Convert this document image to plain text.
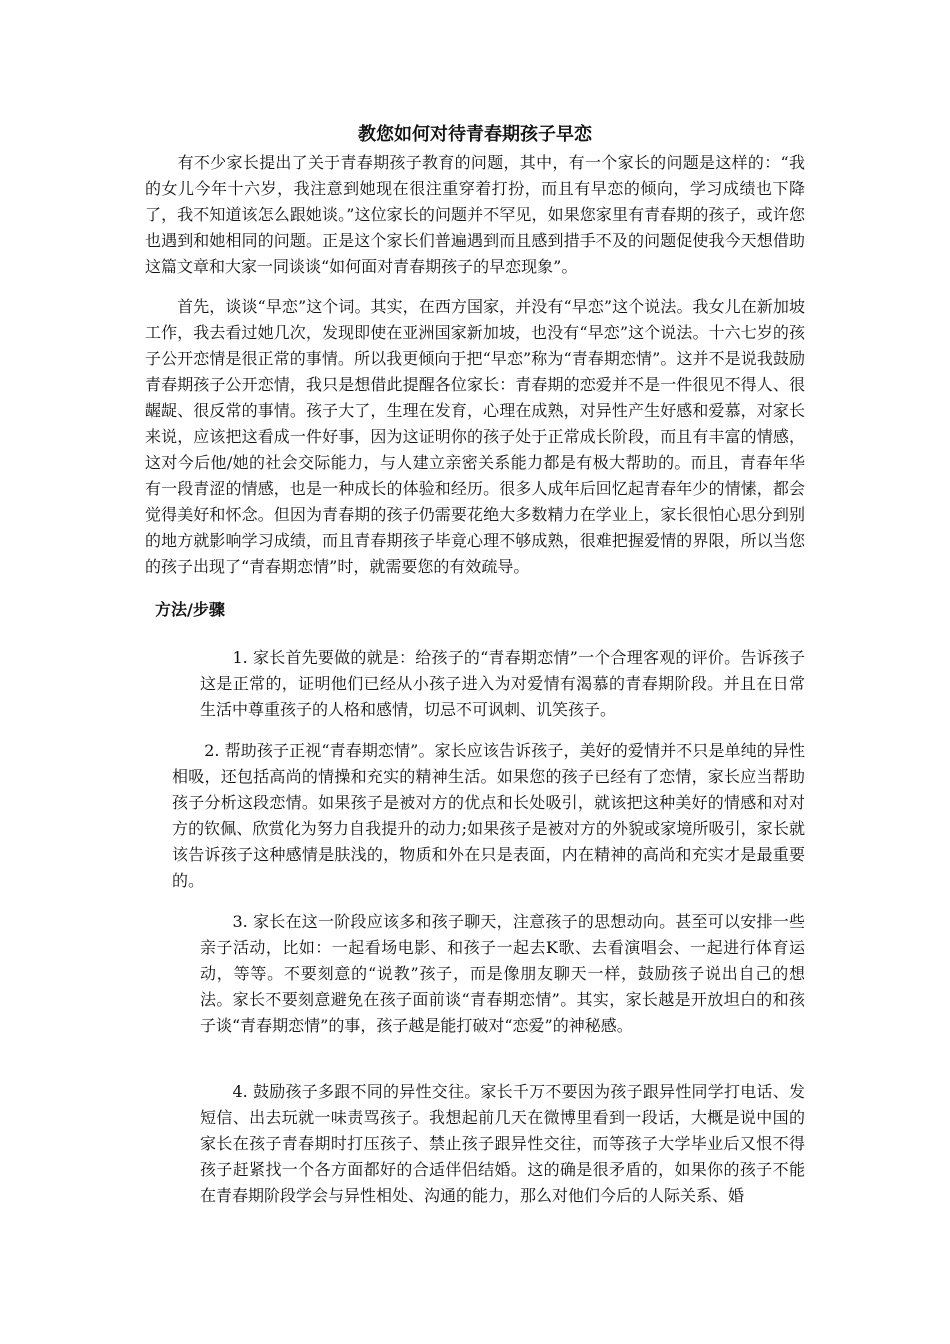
教您如何对待青春期孩子早恋

　　有不少家长提出了关于青春期孩子教育的问题，其中，有一个家长的问题是这样的：“我的女儿今年十六岁，我注意到她现在很注重穿着打扮，而且有早恋的倾向，学习成绩也下降了，我不知道该怎么跟她谈。”这位家长的问题并不罕见，如果您家里有青春期的孩子，或许您也遇到和她相同的问题。正是这个家长们普遍遇到而且感到措手不及的问题促使我今天想借助这篇文章和大家一同谈谈“如何面对青春期孩子的早恋现象”。

　　首先，谈谈“早恋”这个词。其实，在西方国家，并没有“早恋”这个说法。我女儿在新加坡工作，我去看过她几次，发现即使在亚洲国家新加坡，也没有“早恋”这个说法。十六七岁的孩子公开恋情是很正常的事情。所以我更倾向于把“早恋”称为“青春期恋情”。这并不是说我鼓励青春期孩子公开恋情，我只是想借此提醒各位家长：青春期的恋爱并不是一件很见不得人、很龌龊、很反常的事情。孩子大了，生理在发育，心理在成熟，对异性产生好感和爱慕，对家长来说，应该把这看成一件好事，因为这证明你的孩子处于正常成长阶段，而且有丰富的情感，这对今后他/她的社会交际能力，与人建立亲密关系能力都是有极大帮助的。而且，青春年华有一段青涩的情感，也是一种成长的体验和经历。很多人成年后回忆起青春年少的情愫，都会觉得美好和怀念。但因为青春期的孩子仍需要花绝大多数精力在学业上，家长很怕心思分到别的地方就影响学习成绩，而且青春期孩子毕竟心理不够成熟，很难把握爱情的界限，所以当您的孩子出现了“青春期恋情”时，就需要您的有效疏导。

方法/步骤

　　1. 家长首先要做的就是：给孩子的“青春期恋情”一个合理客观的评价。告诉孩子这是正常的，证明他们已经从小孩子进入为对爱情有渴慕的青春期阶段。并且在日常生活中尊重孩子的人格和感情，切忌不可讽刺、讥笑孩子。

　　2. 帮助孩子正视“青春期恋情”。家长应该告诉孩子，美好的爱情并不只是单纯的异性相吸，还包括高尚的情操和充实的精神生活。如果您的孩子已经有了恋情，家长应当帮助孩子分析这段恋情。如果孩子是被对方的优点和长处吸引，就该把这种美好的情感和对对方的钦佩、欣赏化为努力自我提升的动力;如果孩子是被对方的外貌或家境所吸引，家长就该告诉孩子这种感情是肤浅的，物质和外在只是表面，内在精神的高尚和充实才是最重要的。

　　3. 家长在这一阶段应该多和孩子聊天，注意孩子的思想动向。甚至可以安排一些亲子活动，比如：一起看场电影、和孩子一起去K歌、去看演唱会、一起进行体育运动，等等。不要刻意的“说教”孩子，而是像朋友聊天一样，鼓励孩子说出自己的想法。家长不要刻意避免在孩子面前谈“青春期恋情”。其实，家长越是开放坦白的和孩子谈“青春期恋情”的事，孩子越是能打破对“恋爱”的神秘感。

　　4. 鼓励孩子多跟不同的异性交往。家长千万不要因为孩子跟异性同学打电话、发短信、出去玩就一味责骂孩子。我想起前几天在微博里看到一段话，大概是说中国的家长在孩子青春期时打压孩子、禁止孩子跟异性交往，而等孩子大学毕业后又恨不得孩子赶紧找一个各方面都好的合适伴侣结婚。这的确是很矛盾的，如果你的孩子不能在青春期阶段学会与异性相处、沟通的能力，那么对他们今后的人际关系、婚
